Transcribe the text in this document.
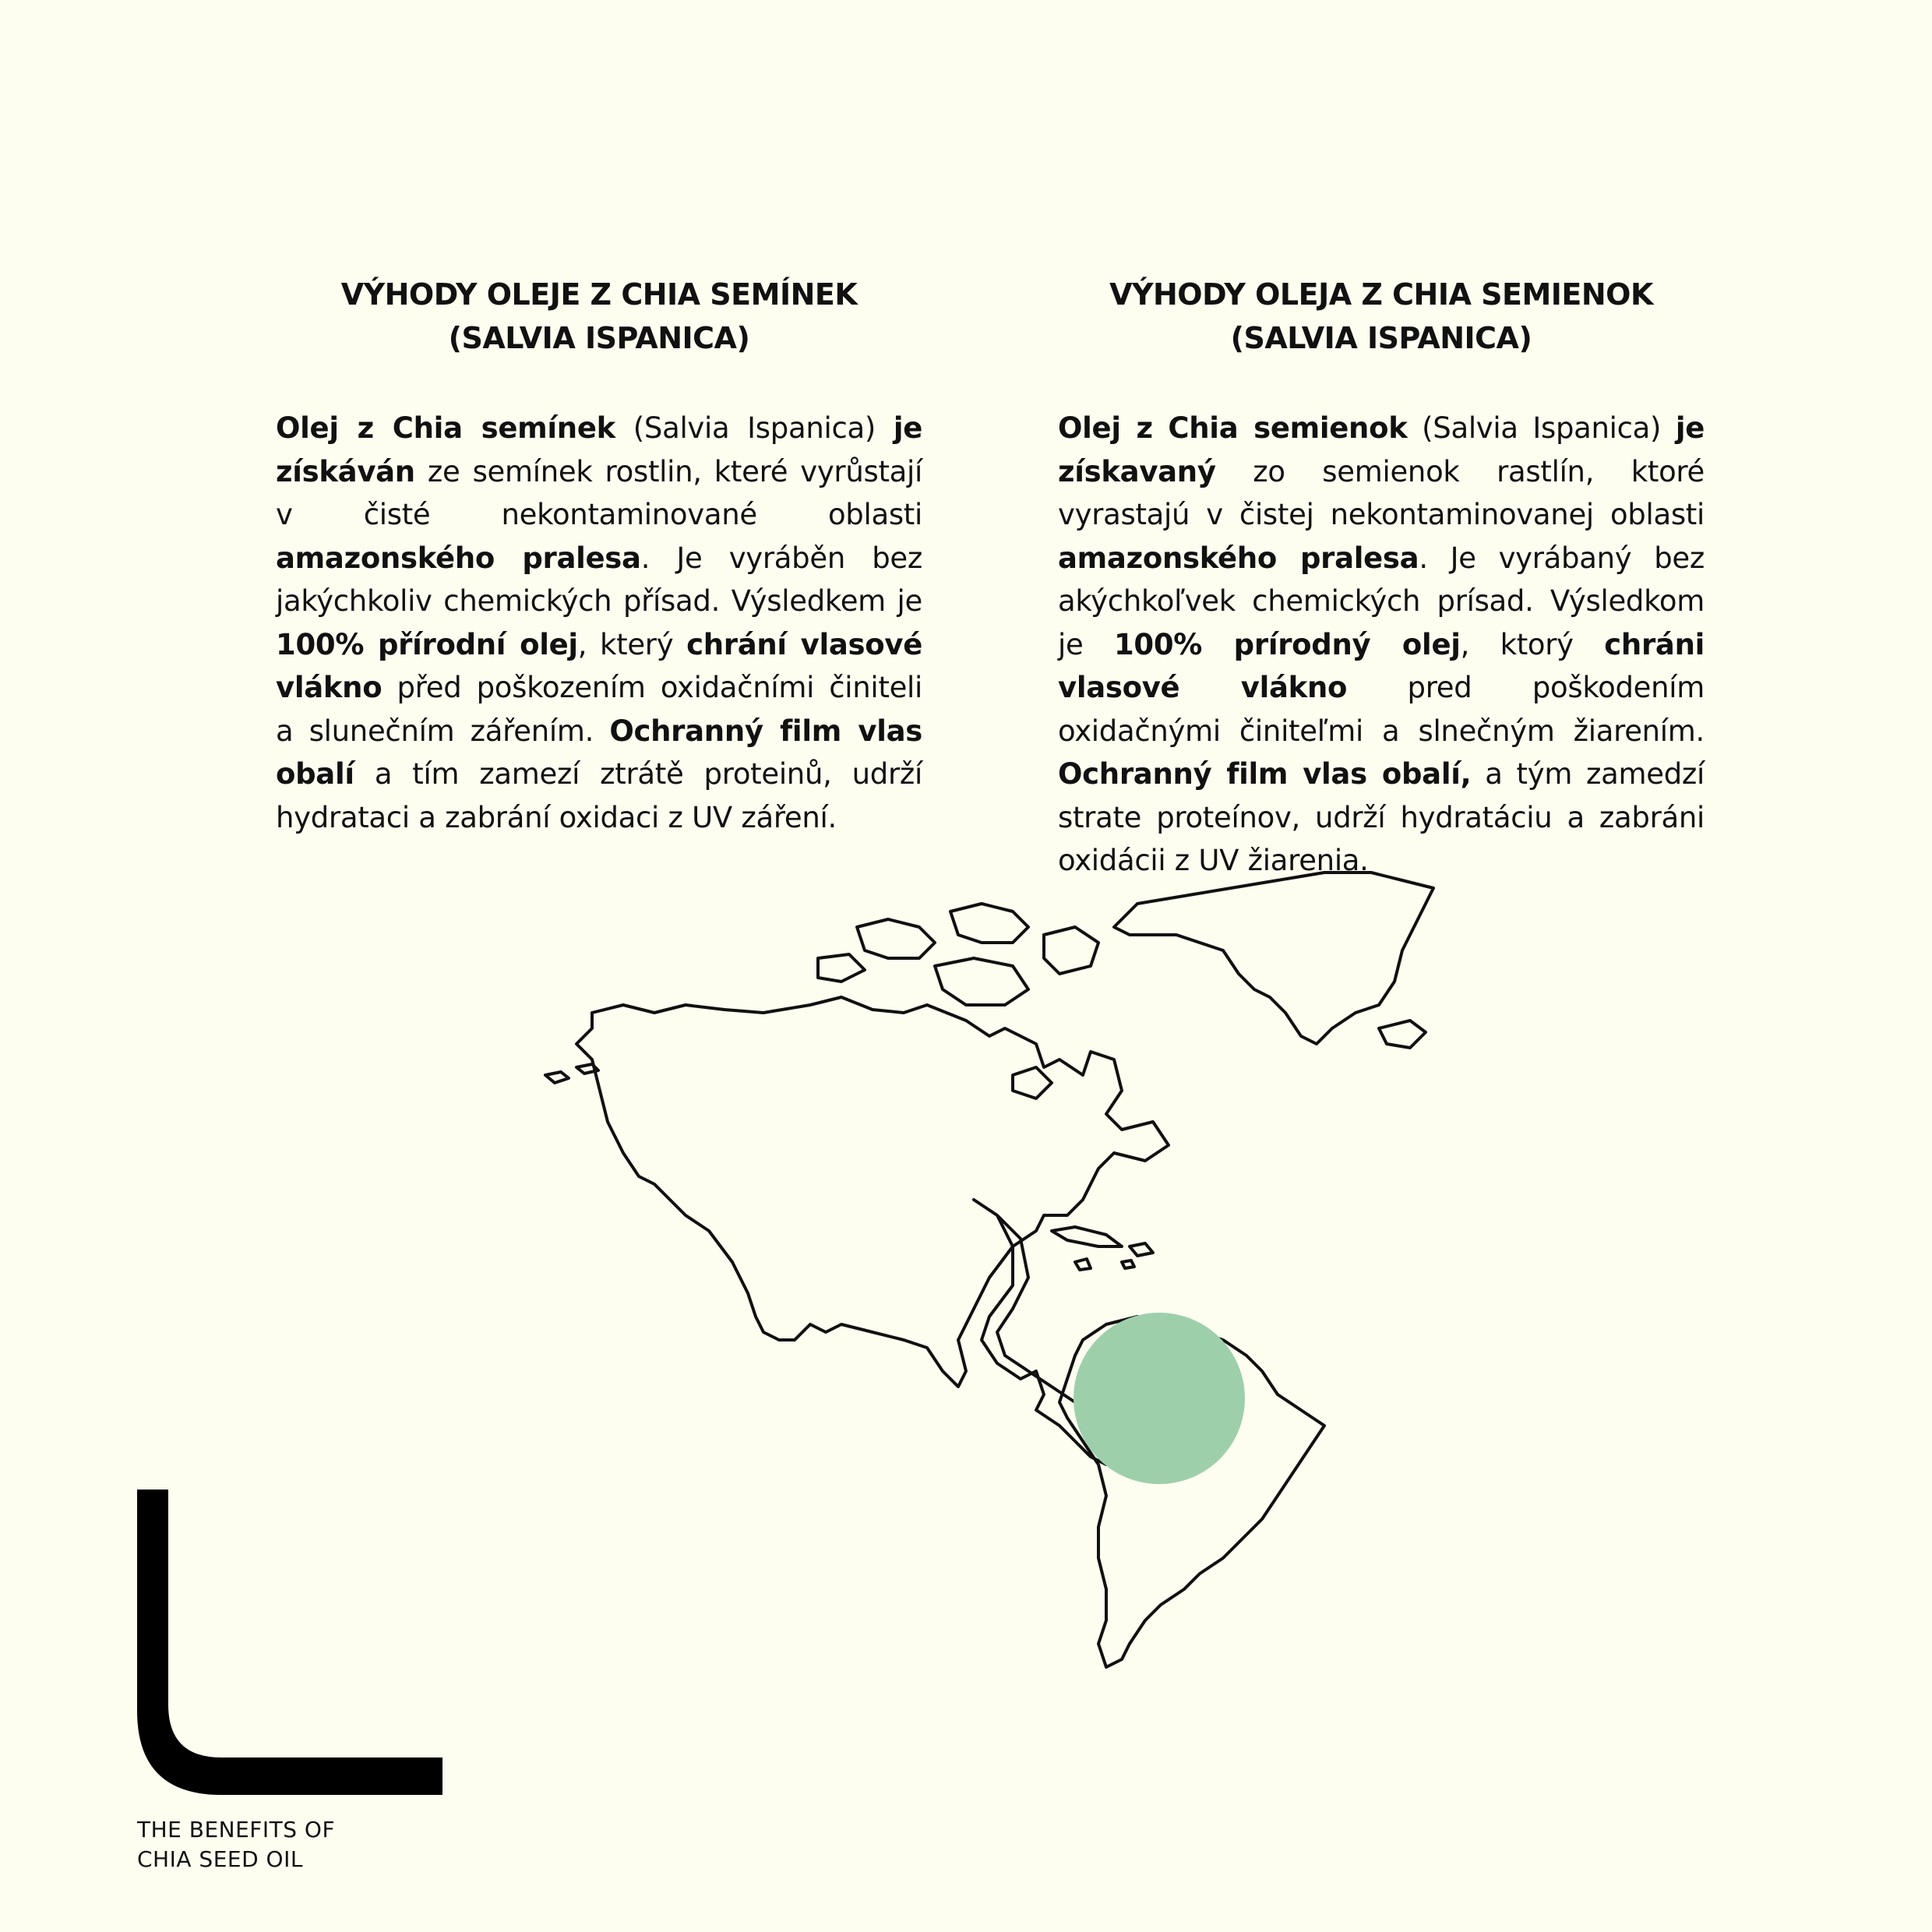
VÝHODY OLEJE Z CHIA SEMÍNEK
(SALVIA ISPANICA)

Olej z Chia semínek (Salvia Ispanica) je získáván ze semínek rostlin, které vyrůstají v čisté nekontaminované oblasti amazonského pralesa. Je vyráběn bez jakýchkoliv chemických přísad. Výsledkem je 100% přírodní olej, který chrání vlasové vlákno před poškozením oxidačními činiteli a slunečním zářením. Ochranný film vlas obalí a tím zamezí ztrátě proteinů, udrží hydrataci a zabrání oxidaci z UV záření.

VÝHODY OLEJA Z CHIA SEMIENOK
(SALVIA ISPANICA)

Olej z Chia semienok (Salvia Ispanica) je získavaný zo semienok rastlín, ktoré vyrastajú v čistej nekontaminovanej oblasti amazonského pralesa. Je vyrábaný bez akýchkoľvek chemických prísad. Výsledkom je 100% prírodný olej, ktorý chráni vlasové vlákno pred poškodením oxidačnými činiteľmi a slnečným žiarením. Ochranný film vlas obalí, a tým zamedzí strate proteínov, udrží hydratáciu a zabráni oxidácii z UV žiarenia.

THE BENEFITS OF
CHIA SEED OIL
